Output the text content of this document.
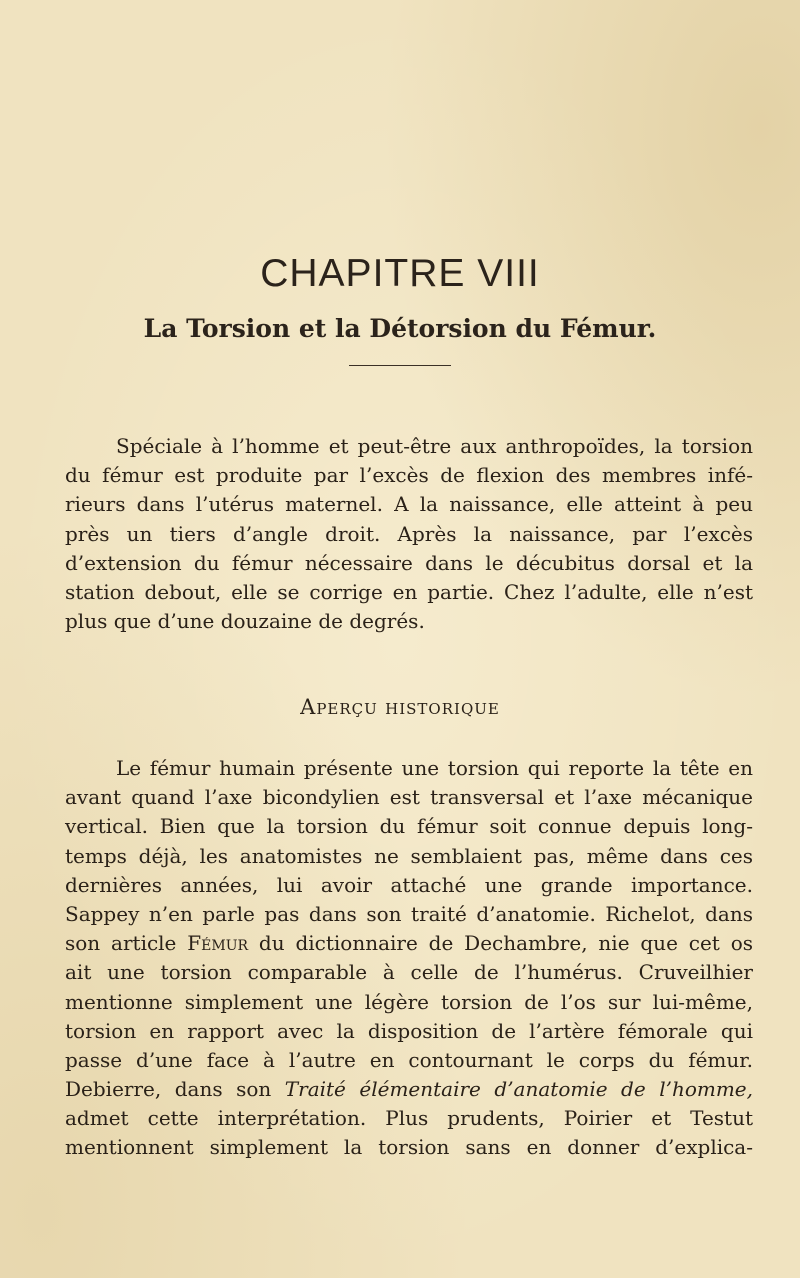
CHAPITRE VIII
La Torsion et la Détorsion du Fémur.

Spéciale à l’homme et peut-être aux anthropoïdes, la torsion
du fémur est produite par l’excès de flexion des membres infé-
rieurs dans l’utérus maternel. A la naissance, elle atteint à peu
près un tiers d’angle droit. Après la naissance, par l’excès
d’extension du fémur nécessaire dans le décubitus dorsal et la
station debout, elle se corrige en partie. Chez l’adulte, elle n’est
plus que d’une douzaine de degrés.

APERÇU HISTORIQUE

Le fémur humain présente une torsion qui reporte la tête en
avant quand l’axe bicondylien est transversal et l’axe mécanique
vertical. Bien que la torsion du fémur soit connue depuis long-
temps déjà, les anatomistes ne semblaient pas, même dans ces
dernières années, lui avoir attaché une grande importance.
Sappey n’en parle pas dans son traité d’anatomie. Richelot, dans
son article Fémur du dictionnaire de Dechambre, nie que cet os
ait une torsion comparable à celle de l’humérus. Cruveilhier
mentionne simplement une légère torsion de l’os sur lui-même,
torsion en rapport avec la disposition de l’artère fémorale qui
passe d’une face à l’autre en contournant le corps du fémur.
Debierre, dans son Traité élémentaire d’anatomie de l’homme,
admet cette interprétation. Plus prudents, Poirier et Testut
mentionnent simplement la torsion sans en donner d’explica-
